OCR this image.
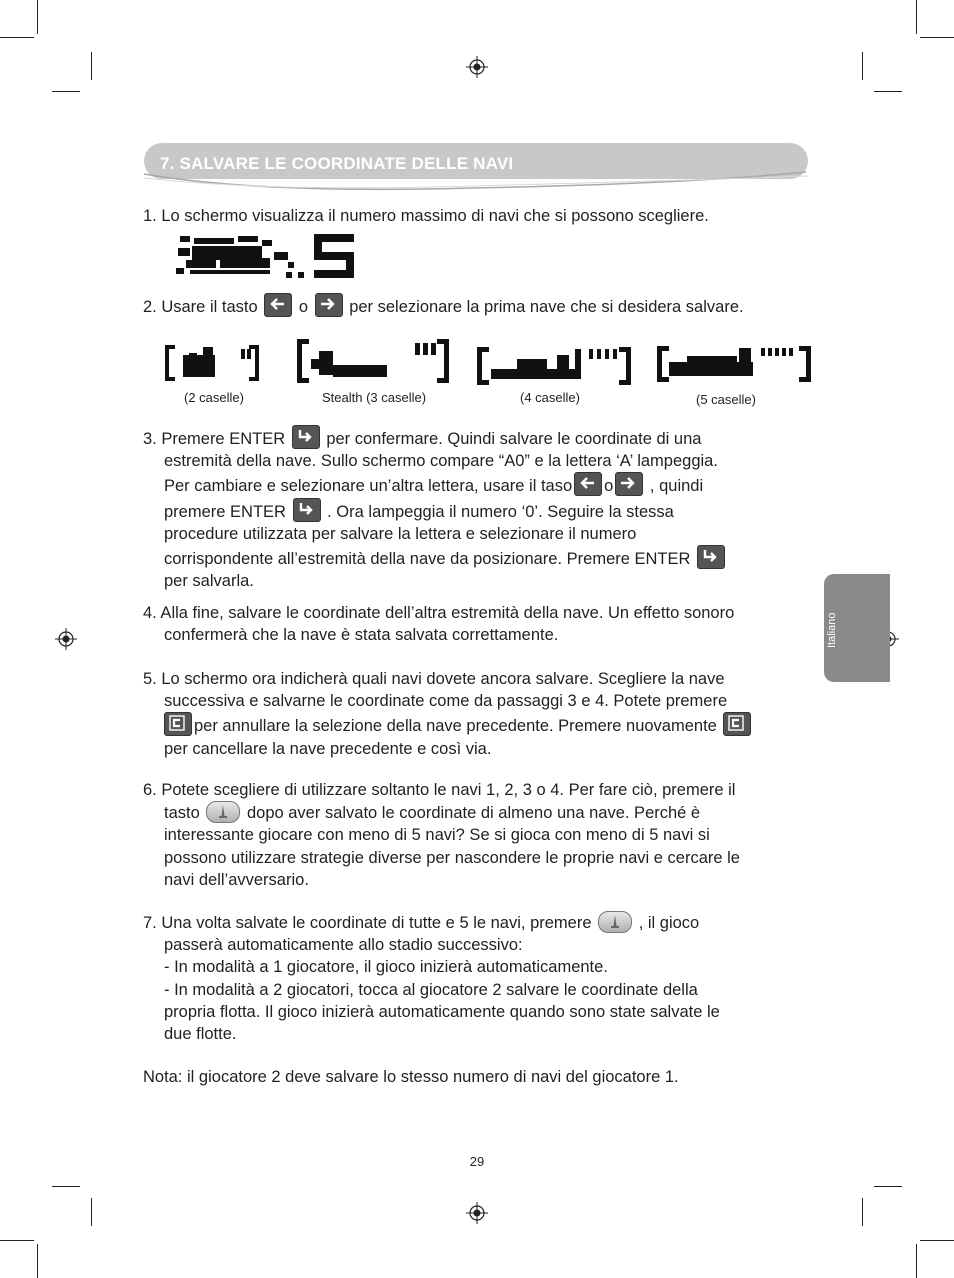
7. SALVARE LE COORDINATE DELLE NAVI
Italiano
1. Lo schermo visualizza il numero massimo di navi che si possono scegliere.
2. Usare il tasto o per selezionare la prima nave che si desidera salvare.
(2 caselle)	Stealth (3 caselle)	(4 caselle)	(5 caselle)
3. Premere ENTER per confermare. Quindi salvare le coordinate di una
estremità della nave. Sullo schermo compare “A0” e la lettera ‘A’ lampeggia.
Per cambiare e selezionare un’altra lettera, usare il taso o , quindi
premere ENTER . Ora lampeggia il numero ‘0’. Seguire la stessa
procedure utilizzata per salvare la lettera e selezionare il numero
corrispondente all’estremità della nave da posizionare. Premere ENTER
per salvarla.
4. Alla fine, salvare le coordinate dell’altra estremità della nave. Un effetto sonoro
confermerà che la nave è stata salvata correttamente.
5. Lo schermo ora indicherà quali navi dovete ancora salvare. Scegliere la nave
successiva e salvarne le coordinate come da passaggi 3 e 4. Potete premere
per annullare la selezione della nave precedente. Premere nuovamente
per cancellare la nave precedente e così via.
6. Potete scegliere di utilizzare soltanto le navi 1, 2, 3 o 4. Per fare ciò, premere il
tasto	dopo aver salvato le coordinate di almeno una nave. Perché è
interessante giocare con meno di 5 navi? Se si gioca con meno di 5 navi si
possono utilizzare strategie diverse per nascondere le proprie navi e cercare le
navi dell’avversario.
7. Una volta salvate le coordinate di tutte e 5 le navi, premere	, il gioco
passerà automaticamente allo stadio successivo:
- In modalità a 1 giocatore, il gioco inizierà automaticamente.
- In modalità a 2 giocatori, tocca al giocatore 2 salvare le coordinate della
propria flotta. Il gioco inizierà automaticamente quando sono state salvate le
due flotte.
Nota: il giocatore 2 deve salvare lo stesso numero di navi del giocatore 1.
29
